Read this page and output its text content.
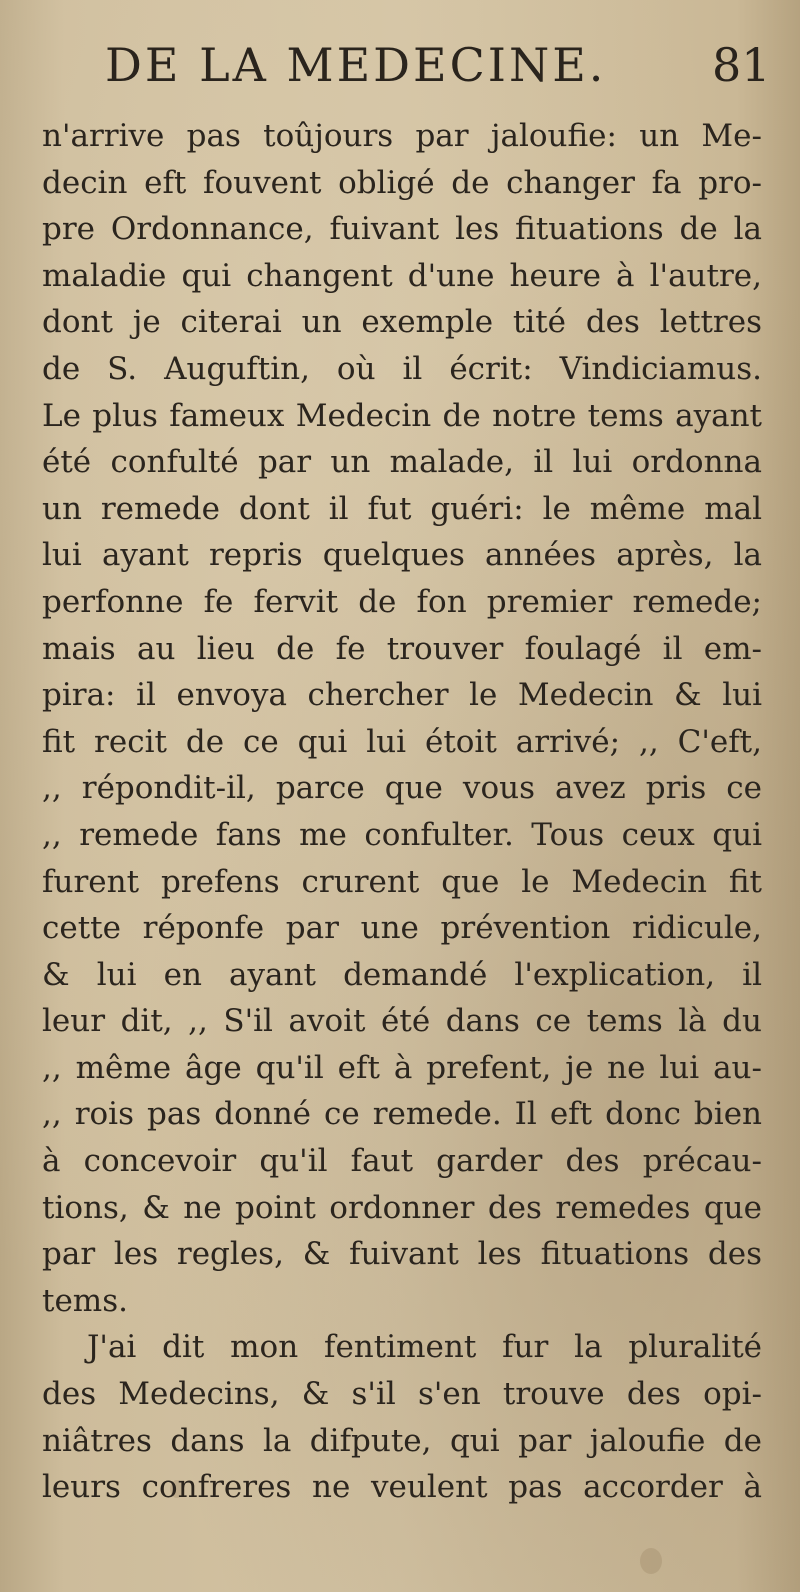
DE LA MEDECINE. 81
n'arrive pas toûjours par jaloufie: un Me-
decin eft fouvent obligé de changer fa pro-
pre Ordonnance, fuivant les fituations de la
maladie qui changent d'une heure à l'autre,
dont je citerai un exemple tité des lettres
de S. Auguftin, où il écrit: Vindiciamus.
Le plus fameux Medecin de notre tems ayant
été confulté par un malade, il lui ordonna
un remede dont il fut guéri: le même mal
lui ayant repris quelques années après, la
perfonne fe fervit de fon premier remede;
mais au lieu de fe trouver foulagé il em-
pira: il envoya chercher le Medecin & lui
fit recit de ce qui lui étoit arrivé; ,, C'eft,
,, répondit-il, parce que vous avez pris ce
,, remede fans me confulter. Tous ceux qui
furent prefens crurent que le Medecin fit
cette réponfe par une prévention ridicule,
& lui en ayant demandé l'explication, il
leur dit, ,, S'il avoit été dans ce tems là du
,, même âge qu'il eft à prefent, je ne lui au-
,, rois pas donné ce remede. Il eft donc bien
à concevoir qu'il faut garder des précau-
tions, & ne point ordonner des remedes que
par les regles, & fuivant les fituations des
tems.
J'ai dit mon fentiment fur la pluralité
des Medecins, & s'il s'en trouve des opi-
niâtres dans la difpute, qui par jaloufie de
leurs confreres ne veulent pas accorder à
